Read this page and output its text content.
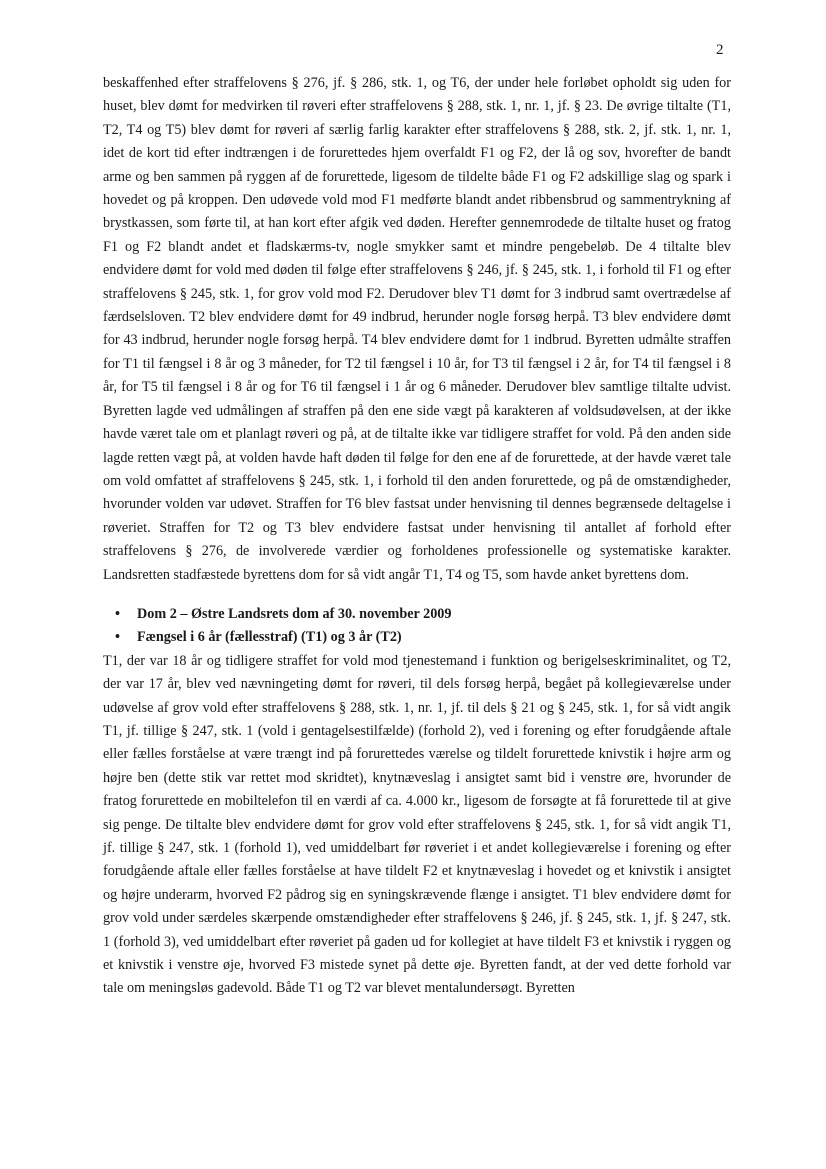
2

beskaffenhed efter straffelovens § 276, jf. § 286, stk. 1, og T6, der under hele forløbet opholdt sig uden for huset, blev dømt for medvirken til røveri efter straffelovens § 288, stk. 1, nr. 1, jf. § 23. De øvrige tiltalte (T1, T2, T4 og T5) blev dømt for røveri af særlig farlig karakter efter straffelovens § 288, stk. 2, jf. stk. 1, nr. 1, idet de kort tid efter indtrængen i de forurettedes hjem overfaldt F1 og F2, der lå og sov, hvorefter de bandt arme og ben sammen på ryggen af de forurettede, ligesom de tildelte både F1 og F2 adskillige slag og spark i hovedet og på kroppen. Den udøvede vold mod F1 medførte blandt andet ribbensbrud og sammentrykning af brystkassen, som førte til, at han kort efter afgik ved døden. Herefter gennemrodede de tiltalte huset og fratog F1 og F2 blandt andet et fladskærms-tv, nogle smykker samt et mindre pengebeløb. De 4 tiltalte blev endvidere dømt for vold med døden til følge efter straffelovens § 246, jf. § 245, stk. 1, i forhold til F1 og efter straffelovens § 245, stk. 1, for grov vold mod F2. Derudover blev T1 dømt for 3 indbrud samt overtrædelse af færdselsloven. T2 blev endvidere dømt for 49 indbrud, herunder nogle forsøg herpå. T3 blev endvidere dømt for 43 indbrud, herunder nogle forsøg herpå. T4 blev endvidere dømt for 1 indbrud. Byretten udmålte straffen for T1 til fængsel i 8 år og 3 måneder, for T2 til fængsel i 10 år, for T3 til fængsel i 2 år, for T4 til fængsel i 8 år, for T5 til fængsel i 8 år og for T6 til fængsel i 1 år og 6 måneder. Derudover blev samtlige tiltalte udvist. Byretten lagde ved udmålingen af straffen på den ene side vægt på karakteren af voldsudøvelsen, at der ikke havde været tale om et planlagt røveri og på, at de tiltalte ikke var tidligere straffet for vold. På den anden side lagde retten vægt på, at volden havde haft døden til følge for den ene af de forurettede, at der havde været tale om vold omfattet af straffelovens § 245, stk. 1, i forhold til den anden forurettede, og på de omstændigheder, hvorunder volden var udøvet. Straffen for T6 blev fastsat under henvisning til dennes begrænsede deltagelse i røveriet. Straffen for T2 og T3 blev endvidere fastsat under henvisning til antallet af forhold efter straffelovens § 276, de involverede værdier og forholdenes professionelle og systematiske karakter. Landsretten stadfæstede byrettens dom for så vidt angår T1, T4 og T5, som havde anket byrettens dom.

• Dom 2 – Østre Landsrets dom af 30. november 2009
• Fængsel i 6 år (fællesstraf) (T1) og 3 år (T2)

T1, der var 18 år og tidligere straffet for vold mod tjenestemand i funktion og berigelseskriminalitet, og T2, der var 17 år, blev ved nævningeting dømt for røveri, til dels forsøg herpå, begået på kollegieværelse under udøvelse af grov vold efter straffelovens § 288, stk. 1, nr. 1, jf. til dels § 21 og § 245, stk. 1, for så vidt angik T1, jf. tillige § 247, stk. 1 (vold i gentagelsestilfælde) (forhold 2), ved i forening og efter forudgående aftale eller fælles forståelse at være trængt ind på forurettedes værelse og tildelt forurettede knivstik i højre arm og højre ben (dette stik var rettet mod skridtet), knytnæveslag i ansigtet samt bid i venstre øre, hvorunder de fratog forurettede en mobiltelefon til en værdi af ca. 4.000 kr., ligesom de forsøgte at få forurettede til at give sig penge. De tiltalte blev endvidere dømt for grov vold efter straffelovens § 245, stk. 1, for så vidt angik T1, jf. tillige § 247, stk. 1 (forhold 1), ved umiddelbart før røveriet i et andet kollegieværelse i forening og efter forudgående aftale eller fælles forståelse at have tildelt F2 et knytnæveslag i hovedet og et knivstik i ansigtet og højre underarm, hvorved F2 pådrog sig en syningskrævende flænge i ansigtet. T1 blev endvidere dømt for grov vold under særdeles skærpende omstændigheder efter straffelovens § 246, jf. § 245, stk. 1, jf. § 247, stk. 1 (forhold 3), ved umiddelbart efter røveriet på gaden ud for kollegiet at have tildelt F3 et knivstik i ryggen og et knivstik i venstre øje, hvorved F3 mistede synet på dette øje. Byretten fandt, at der ved dette forhold var tale om meningsløs gadevold. Både T1 og T2 var blevet mentalundersøgt. Byretten
